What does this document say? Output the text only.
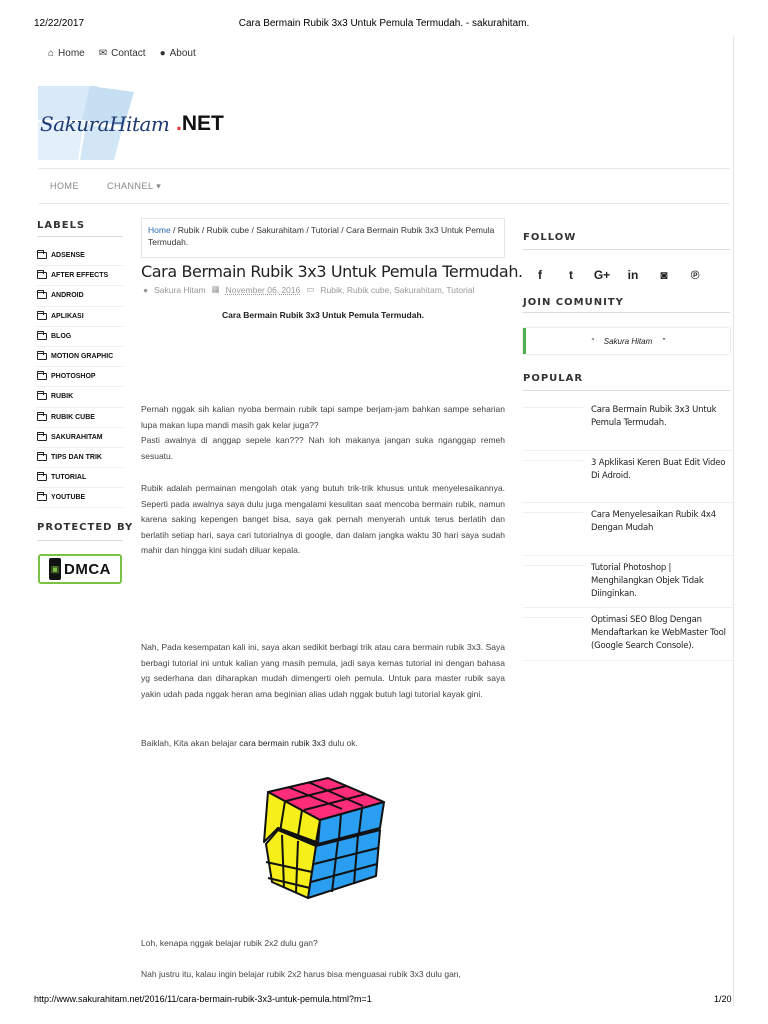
12/22/2017	Cara Bermain Rubik 3x3 Untuk Pemula Termudah. - sakurahitam.
⌂ Home ✉ Contact ● About
SakuraHitam .NET
HOME	CHANNEL ▾
LABELS
ADSENSE
AFTER EFFECTS
ANDROID
APLIKASI
BLOG
MOTION GRAPHIC
PHOTOSHOP
RUBIK
RUBIK CUBE
SAKURAHITAM
TIPS DAN TRIK
TUTORIAL
YOUTUBE
PROTECTED BY
▣ DMCA
Home / Rubik / Rubik cube / Sakurahitam / Tutorial / Cara Bermain Rubik 3x3 Untuk Pemula Termudah.
Cara Bermain Rubik 3x3 Untuk Pemula Termudah.
● Sakura Hitam ▦ November 06, 2016 ▭ Rubik, Rubik cube, Sakurahitam, Tutorial
Cara Bermain Rubik 3x3 Untuk Pemula Termudah.
Pernah nggak sih kalian nyoba bermain rubik tapi sampe berjam-jam bahkan sampe seharian lupa makan lupa mandi masih gak kelar juga??
Pasti awalnya di anggap sepele kan??? Nah loh makanya jangan suka nganggap remeh sesuatu.
Rubik adalah permainan mengolah otak yang butuh trik-trik khusus untuk menyelesaikannya. Seperti pada awalnya saya dulu juga mengalami kesulitan saat mencoba bermain rubik, namun karena saking kepengen banget bisa, saya gak pernah menyerah untuk terus berlatih dan berlatih setiap hari, saya cari tutorialnya di google, dan dalam jangka waktu 30 hari saya sudah mahir dan hingga kini sudah diluar kepala.
Nah, Pada kesempatan kali ini, saya akan sedikit berbagi trik atau cara bermain rubik 3x3. Saya berbagi tutorial ini untuk kalian yang masih pemula, jadi saya kemas tutorial ini dengan bahasa yg sederhana dan diharapkan mudah dimengerti oleh pemula. Untuk para master rubik saya yakin udah pada nggak heran ama beginian alias udah nggak butuh lagi tutorial kayak gini.
Baiklah, Kita akan belajar cara bermain rubik 3x3 dulu ok.
Loh, kenapa nggak belajar rubik 2x2 dulu gan?
Nah justru itu, kalau ingin belajar rubik 2x2 harus bisa menguasai rubik 3x3 dulu gan,
FOLLOW
f	t	G+ in ◙ ℗
JOIN COMUNITY
“ Sakura Hitam ”
POPULAR
Cara Bermain Rubik 3x3 Untuk Pemula Termudah.
3 Apklikasi Keren Buat Edit Video Di Adroid.
Cara Menyelesaikan Rubik 4x4 Dengan Mudah
Tutorial Photoshop | Menghilangkan Objek Tidak Diinginkan.
Optimasi SEO Blog Dengan Mendaftarkan ke WebMaster Tool (Google Search Console).
http://www.sakurahitam.net/2016/11/cara-bermain-rubik-3x3-untuk-pemula.html?m=1	1/20
